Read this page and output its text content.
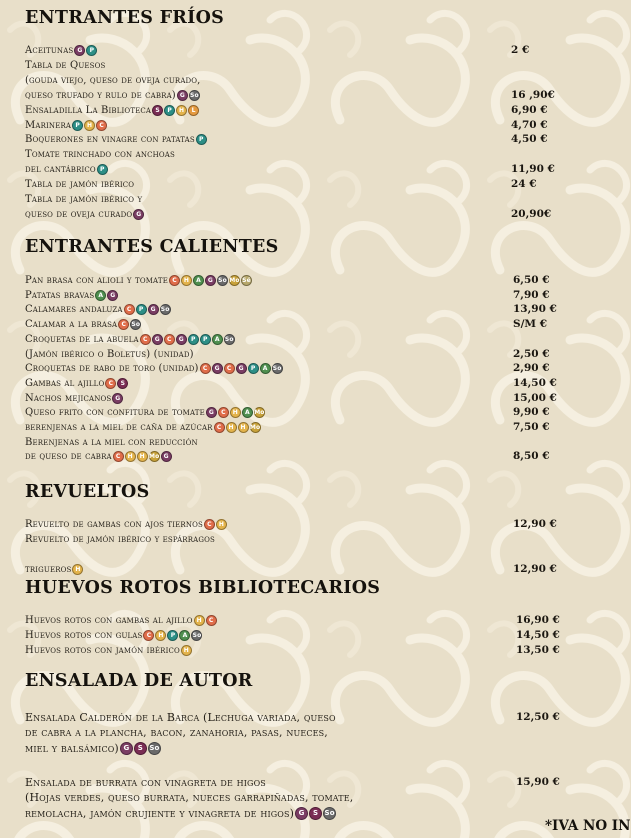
ENTRANTES FRÍOS
ENTRANTES CALIENTES
REVUELTOS
HUEVOS ROTOS BIBLIOTECARIOS
ENSALADA DE AUTOR
*IVA NO IN
Aceitunas G	P	2 €
Tabla de Quesos
(gouda viejo, queso de oveja curado,
queso trufado y rulo de cabra) G So	16 ,90€
Ensaladilla La Biblioteca S	P	H	L	6,90 €
Marinera P	H	C	4,70 €
Boquerones en vinagre con patatas P	4,50 €
Tomate trinchado con anchoas
del cantábrico P	11,90 €
Tabla de jamón ibérico	24 €
Tabla de jamón ibérico y
queso de oveja curado G	20,90€
Pan brasa con alioli y tomate C	H	A	G So Mo Sé	6,50 €
Patatas bravas A	G	7,90 €
Calamares andaluza C	P	G So	13,90 €
Calamar a la brasa C So	S/M €
Croquetas de la abuela C	G	C	G	P	P	A So
(Jamón ibérico o Boletus) (unidad)	2,50 €
Croquetas de rabo de toro (unidad) C	G	C	G	P	A So	2,90 €
Gambas al ajillo C	S	14,50 €
Nachos mejicanos G	15,00 €
Queso frito con confitura de tomate G	C	H	A Mo	9,90 €
berenjenas a la miel de caña de azúcar C	H	H Mo	7,50 €
Berenjenas a la miel con reducción
de queso de cabra C	H	H Mo G	8,50 €
Revuelto de gambas con ajos tiernos C	H	12,90 €
Revuelto de jamón ibérico y espárragos
trigueros H	12,90 €
Huevos rotos con gambas al ajillo H	C	16,90 €
Huevos rotos con gulas C	H	P	A So	14,50 €
Huevos rotos con jamón ibérico H	13,50 €
Ensalada Calderón de la Barca (Lechuga variada, queso	12,50 €
de cabra a la plancha, bacon, zanahoria, pasas, nueces,
miel y balsámico) G	S So
Ensalada de burrata con vinagreta de higos	15,90 €
(Hojas verdes, queso burrata, nueces garrapiñadas, tomate,
remolacha, jamón crujiente y vinagreta de higos) G	S So
